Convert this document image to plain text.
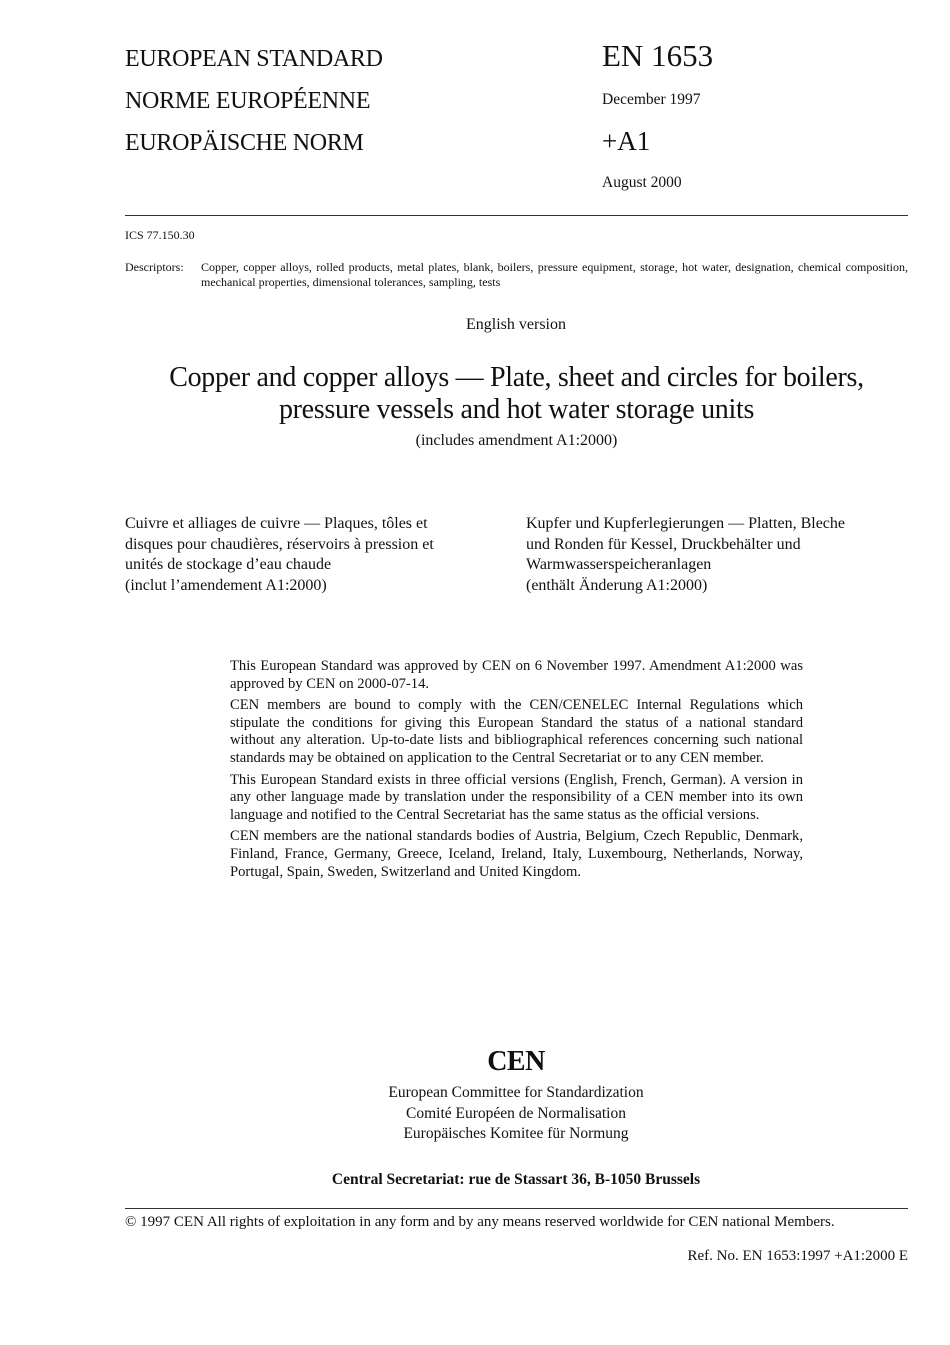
EUROPEAN STANDARD
NORME EUROPÉENNE
EUROPÄISCHE NORM
EN 1653
December 1997
+A1
August 2000
ICS 77.150.30
Descriptors:	Copper, copper alloys, rolled products, metal plates, blank, boilers, pressure equipment, storage, hot water, designation, chemical composition, mechanical properties, dimensional tolerances, sampling, tests
English version
Copper and copper alloys — Plate, sheet and circles for boilers,
pressure vessels and hot water storage units
(includes amendment A1:2000)
Cuivre et alliages de cuivre — Plaques, tôles et
disques pour chaudières, réservoirs à pression et
unités de stockage d’eau chaude
(inclut l’amendement A1:2000)
Kupfer und Kupferlegierungen — Platten, Bleche
und Ronden für Kessel, Druckbehälter und
Warmwasserspeicheranlagen
(enthält Änderung A1:2000)

This European Standard was approved by CEN on 6 November 1997. Amendment A1:2000 was approved by CEN on 2000-07-14.

CEN members are bound to comply with the CEN/CENELEC Internal Regulations which stipulate the conditions for giving this European Standard the status of a national standard without any alteration. Up-to-date lists and bibliographical references concerning such national standards may be obtained on application to the Central Secretariat or to any CEN member.

This European Standard exists in three official versions (English, French, German). A version in any other language made by translation under the responsibility of a CEN member into its own language and notified to the Central Secretariat has the same status as the official versions.

CEN members are the national standards bodies of Austria, Belgium, Czech Republic, Denmark, Finland, France, Germany, Greece, Iceland, Ireland, Italy, Luxembourg, Netherlands, Norway, Portugal, Spain, Sweden, Switzerland and United Kingdom.

CEN
European Committee for Standardization
Comité Européen de Normalisation
Europäisches Komitee für Normung
Central Secretariat: rue de Stassart 36, B-1050 Brussels
© 1997 CEN All rights of exploitation in any form and by any means reserved worldwide for CEN national Members.
Ref. No. EN 1653:1997 +A1:2000 E
